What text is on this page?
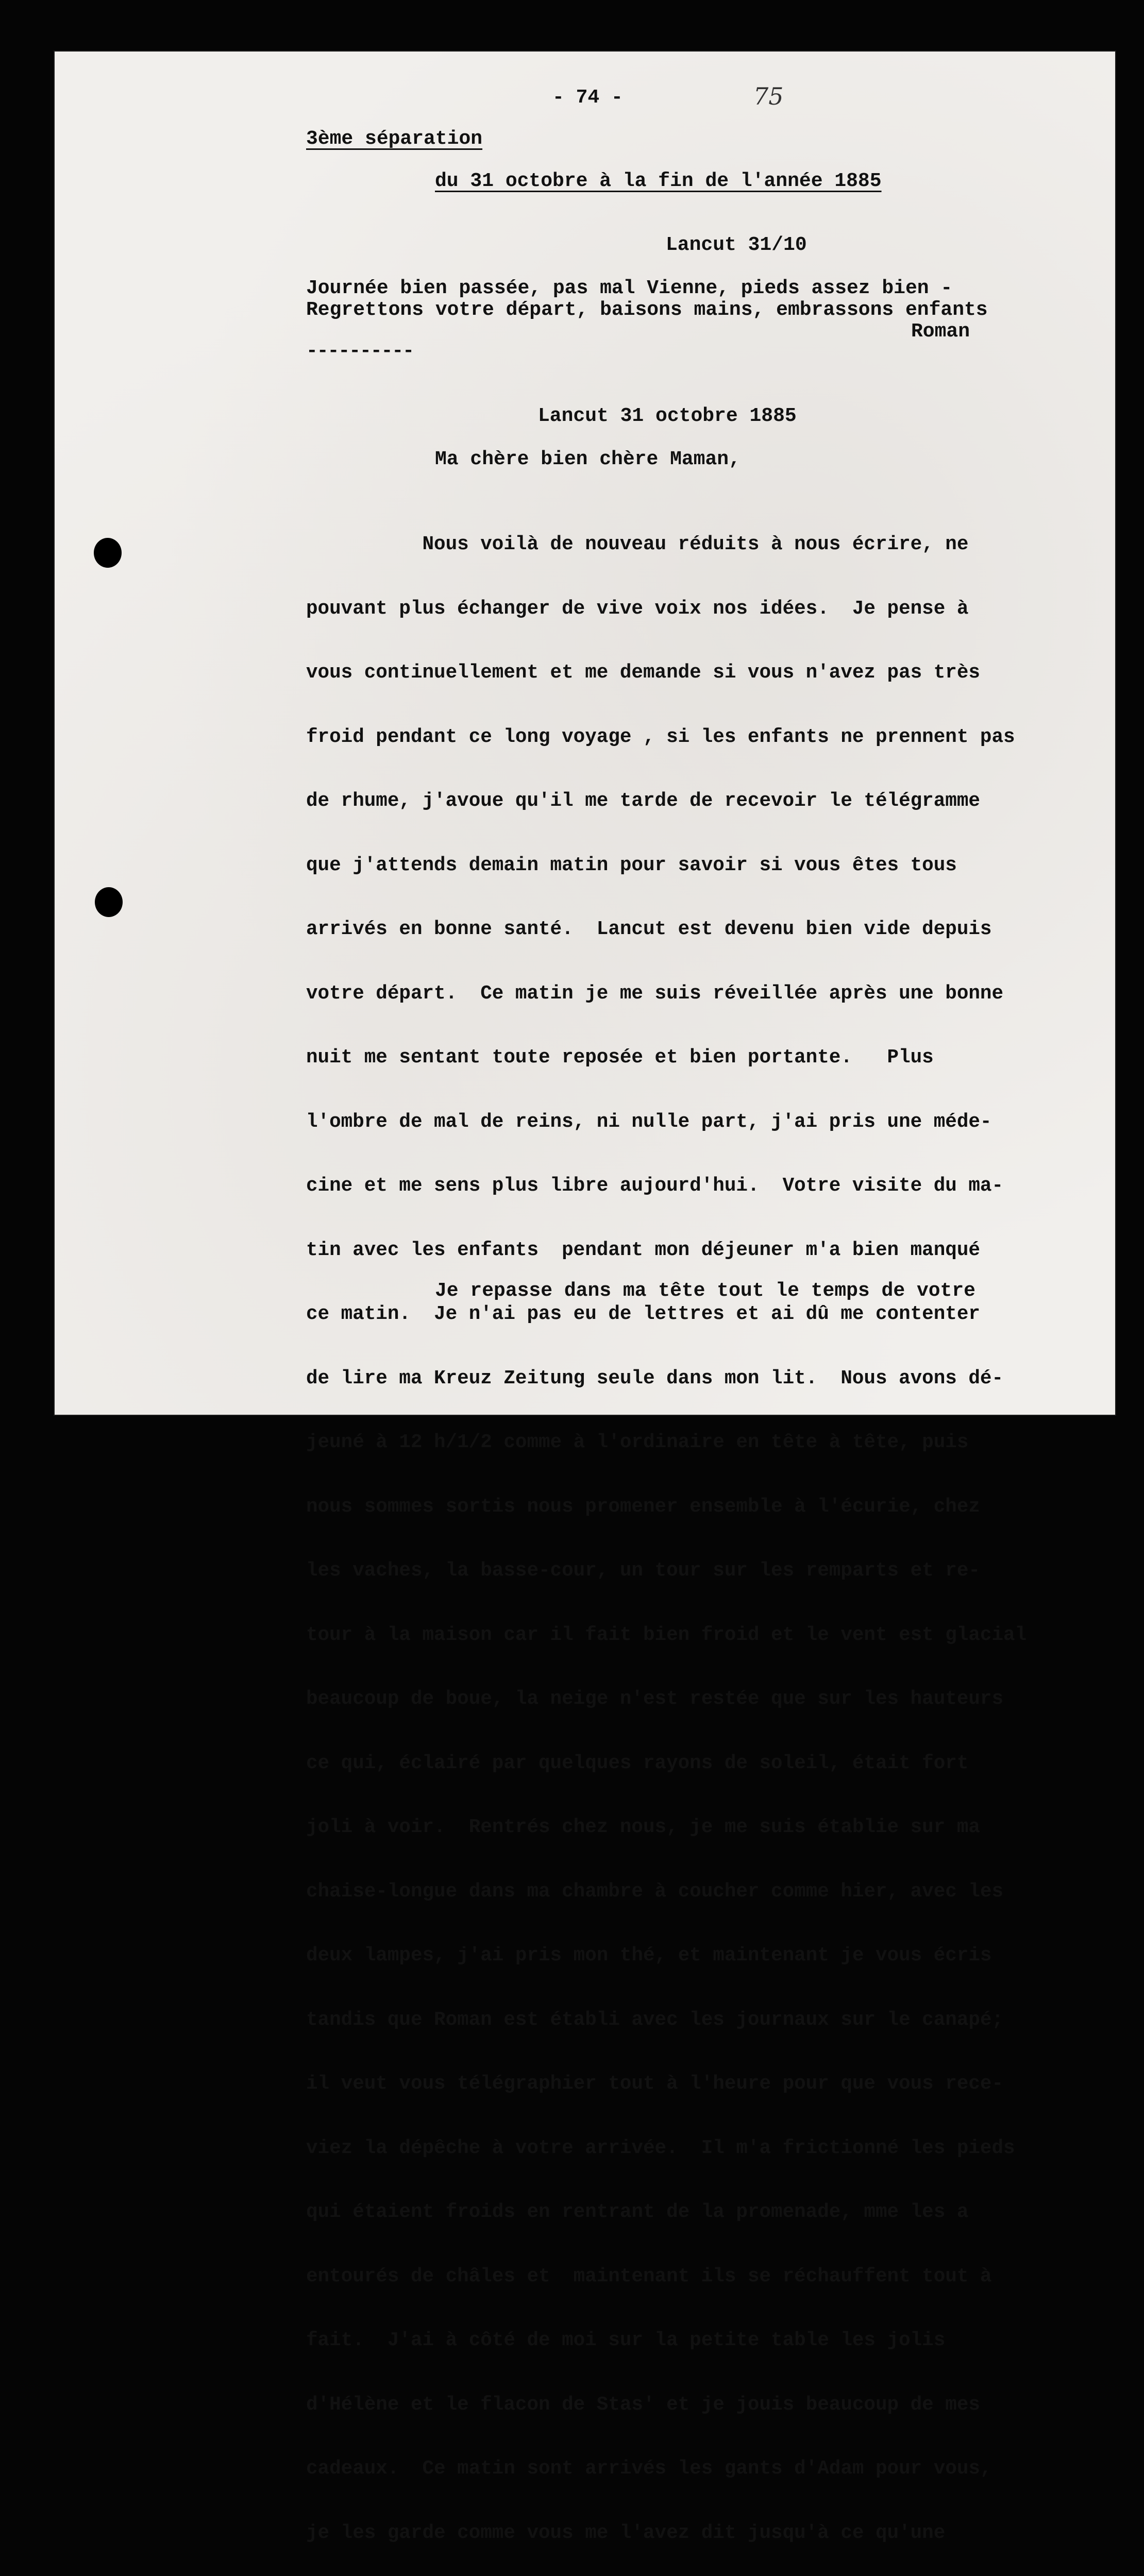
- 74 -	75
3ème séparation
du 31 octobre à la fin de l'année 1885
Lancut 31/10
Journée bien passée, pas mal Vienne, pieds assez bien -
Regrettons votre départ, baisons mains, embrassons enfants
Roman
----------
Lancut 31 octobre 1885
Ma chère bien chère Maman,

Nous voilà de nouveau réduits à nous écrire, ne

pouvant plus échanger de vive voix nos idées.  Je pense à

vous continuellement et me demande si vous n'avez pas très

froid pendant ce long voyage , si les enfants ne prennent pas

de rhume, j'avoue qu'il me tarde de recevoir le télégramme

que j'attends demain matin pour savoir si vous êtes tous

arrivés en bonne santé.  Lancut est devenu bien vide depuis

votre départ.  Ce matin je me suis réveillée après une bonne

nuit me sentant toute reposée et bien portante.   Plus

l'ombre de mal de reins, ni nulle part, j'ai pris une méde-

cine et me sens plus libre aujourd'hui.  Votre visite du ma-

tin avec les enfants  pendant mon déjeuner m'a bien manqué

ce matin.  Je n'ai pas eu de lettres et ai dû me contenter

de lire ma Kreuz Zeitung seule dans mon lit.  Nous avons dé-

jeuné à 12 h/1/2 comme à l'ordinaire en tête à tête, puis

nous sommes sortis nous promener ensemble à l'écurie, chez

les vaches, la basse-cour, un tour sur les remparts et re-

tour à la maison car il fait bien froid et le vent est glacial

beaucoup de boue, la neige n'est restée que sur les hauteurs

ce qui, éclairé par quelques rayons de soleil, était fort

joli à voir.  Rentrés chez nous, je me suis établie sur ma

chaise-longue dans ma chambre à coucher comme hier, avec les

deux lampes, j'ai pris mon thé, et maintenant je vous écris

tandis que Roman est établi avec les journaux sur le canapé;

il veut vous télégraphier tout à l'heure pour que vous rece-

viez la dépêche à votre arrivée.  Il m'a frictionné les pieds

qui étaient froids en rentrant de la promenade, mme les a

entourés de châles et  maintenant ils se réchauffent tout à

fait.  J'ai à côté de moi sur la petite table les jolis

d'Hélène et le flacon de Stas' et je jouis beaucoup de mes

cadeaux.  Ce matin sont arrivés les gants d'Adam pour vous,

je les garde comme vous me l'avez dit jusqu'à ce qu'une

Je repasse dans ma tête tout le temps de votre
